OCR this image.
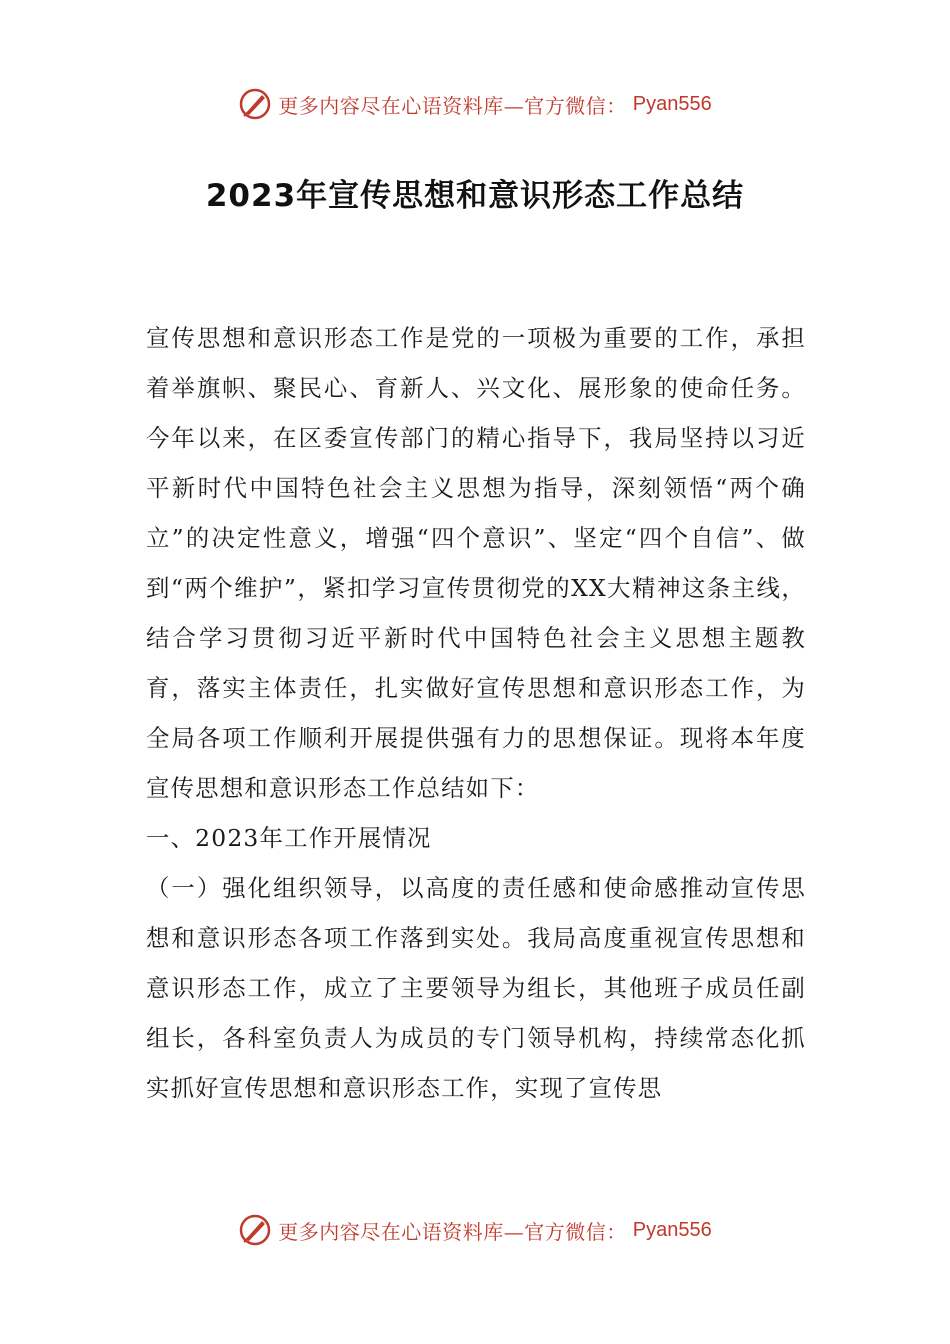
更多内容尽在心语资料库—官方微信： Pyan556
2023年宣传思想和意识形态工作总结

宣传思想和意识形态工作是党的一项极为重要的工作，承担着举旗帜、聚民心、育新人、兴文化、展形象的使命任务。今年以来，在区委宣传部门的精心指导下，我局坚持以习近平新时代中国特色社会主义思想为指导，深刻领悟“两个确立”的决定性意义，增强“四个意识”、坚定“四个自信”、做到“两个维护”，紧扣学习宣传贯彻党的XX大精神这条主线，结合学习贯彻习近平新时代中国特色社会主义思想主题教育，落实主体责任，扎实做好宣传思想和意识形态工作，为全局各项工作顺利开展提供强有力的思想保证。现将本年度宣传思想和意识形态工作总结如下：

一、2023年工作开展情况

（一）强化组织领导，以高度的责任感和使命感推动宣传思想和意识形态各项工作落到实处。我局高度重视宣传思想和意识形态工作，成立了主要领导为组长，其他班子成员任副组长，各科室负责人为成员的专门领导机构，持续常态化抓实抓好宣传思想和意识形态工作，实现了宣传思

更多内容尽在心语资料库—官方微信： Pyan556
